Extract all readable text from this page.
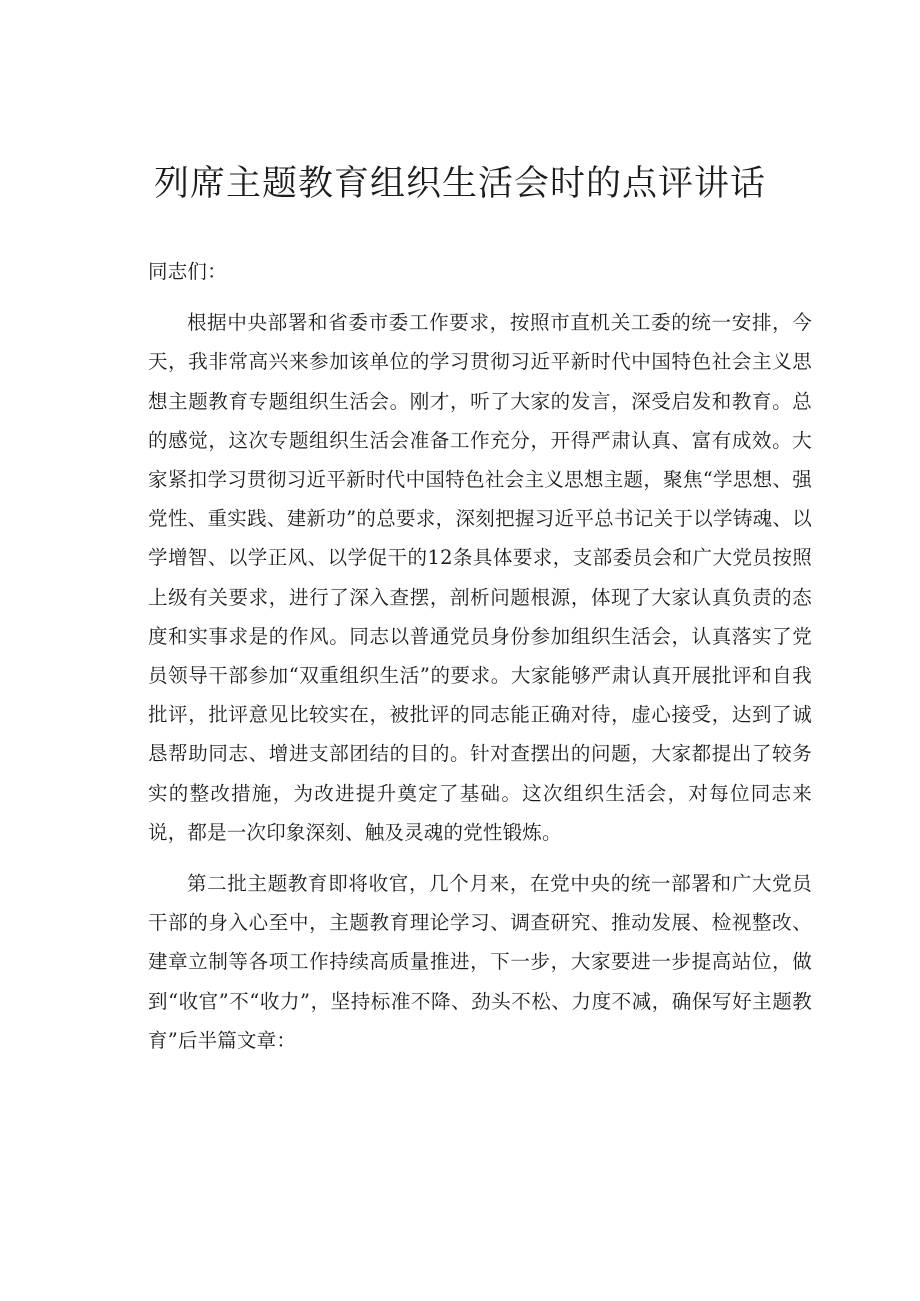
列席主题教育组织生活会时的点评讲话

同志们：

根据中央部署和省委市委工作要求，按照市直机关工委的统一安排，今天，我非常高兴来参加该单位的学习贯彻习近平新时代中国特色社会主义思想主题教育专题组织生活会。刚才，听了大家的发言，深受启发和教育。总的感觉，这次专题组织生活会准备工作充分，开得严肃认真、富有成效。大家紧扣学习贯彻习近平新时代中国特色社会主义思想主题，聚焦“学思想、强党性、重实践、建新功”的总要求，深刻把握习近平总书记关于以学铸魂、以学增智、以学正风、以学促干的12条具体要求，支部委员会和广大党员按照上级有关要求，进行了深入查摆，剖析问题根源，体现了大家认真负责的态度和实事求是的作风。同志以普通党员身份参加组织生活会，认真落实了党员领导干部参加“双重组织生活”的要求。大家能够严肃认真开展批评和自我批评，批评意见比较实在，被批评的同志能正确对待，虚心接受，达到了诚恳帮助同志、增进支部团结的目的。针对查摆出的问题，大家都提出了较务实的整改措施，为改进提升奠定了基础。这次组织生活会，对每位同志来说，都是一次印象深刻、触及灵魂的党性锻炼。

第二批主题教育即将收官，几个月来，在党中央的统一部署和广大党员干部的身入心至中，主题教育理论学习、调查研究、推动发展、检视整改、建章立制等各项工作持续高质量推进，下一步，大家要进一步提高站位，做到“收官”不“收力”，坚持标准不降、劲头不松、力度不减，确保写好主题教育”后半篇文章：
